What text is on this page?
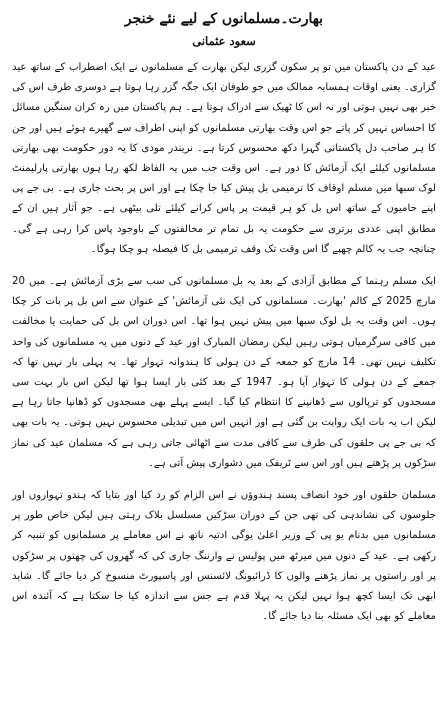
بھارت۔مسلمانوں کے لیے نئے خنجر
سعود عثمانی

عید کے دن پاکستان میں تو پر سکون گزری لیکن بھارت کے مسلمانوں نے ایک اضطراب کے ساتھ عید گزاری۔ یعنی اوقات ہمسایہ ممالک میں جو طوفان ایک جگہ گزر رہا ہوتا ہے دوسری طرف اس کی خبر بھی نہیں ہوتی اور نہ اس کا ٹھیک سے ادراک ہوتا ہے۔ ہم پاکستان میں رہ کران سنگین مسائل کا احساس نہیں کر پاتے جو اس وقت بھارتی مسلمانوں کو اپنی اطراف سے گھیرے ہوئے ہیں اور جن کا ہر صاحب دل پاکستانی گہرا دکھ محسوس کرتا ہے۔ نریندر مودی کا یہ دور حکومت بھی بھارتی مسلمانوں کیلئے ایک آزمائش کا دور ہے۔ اس وقت جب میں یہ الفاظ لکھ رہا ہوں بھارتی پارلیمنٹ لوک سبھا میں مسلم اوقاف کا ترمیمی بل پیش کیا جا چکا ہے اور اس پر بحث جاری ہے۔ بی جے پی اپنے حامیوں کے ساتھ اس بل کو ہر قیمت پر پاس کرانے کیلئے تلی بیٹھی ہے۔ جو آثار ہیں ان کے مطابق اپنی عددی برتری سے حکومت یہ بل تمام تر مخالفتوں کے باوجود پاس کرا رہی ہے گی۔ چنانچہ جب یہ کالم چھپے گا اس وقت تک وقف ترمیمی بل کا فیصلہ ہو چکا ہوگا۔

ایک مسلم رہنما کے مطابق آزادی کے بعد یہ بل مسلمانوں کی سب سے بڑی آزمائش ہے۔ میں 20 مارچ 2025 کے کالم 'بھارت۔ مسلمانوں کی ایک نئی آزمائش' کے عنوان سے اس بل پر بات کر چکا ہوں۔ اس وقت یہ بل لوک سبھا میں پیش نہیں ہوا تھا۔ اس دوران اس بل کی حمایت یا مخالفت میں کافی سرگرمیاں ہوتی رہیں لیکن رمضان المبارک اور عید کے دنوں میں یہ مسلمانوں کی واحد تکلیف نہیں تھی۔ 14 مارچ کو جمعہ کے دن ہولی کا ہندوانہ تہوار تھا۔ یہ پہلی بار نہیں تھا کہ جمعے کے دن ہولی کا تہوار آیا ہو۔ 1947 کے بعد کئی بار ایسا ہوا تھا لیکن اس بار بہت سی مسجدوں کو ترپالوں سے ڈھانپنے کا انتظام کیا گیا۔ ایسے پہلے بھی مسجدوں کو ڈھانپا جاتا رہا ہے لیکن اب یہ بات ایک روایت بن گئی ہے اور انہیں اس میں تبدیلی محسوس نہیں ہوتی۔ یہ بات بھی کہ بی جے پی حلقوں کی طرف سے کافی مدت سے اٹھائی جاتی رہی ہے کہ مسلمان عید کی نماز سڑکوں پر پڑھتے ہیں اور اس سے ٹریفک میں دشواری پیش آتی ہے۔

مسلمان حلقوں اور خود انصاف پسند ہندوؤں نے اس الزام کو رد کیا اور بتایا کہ ہندو تہواروں اور جلوسوں کی نشاندہی کی تھی جن کے دوران سڑکیں مسلسل بلاک رہتی ہیں لیکن خاص طور پر مسلمانوں میں بدنام یو پی کے وزیر اعلیٰ یوگی ادتیہ ناتھ نے اس معاملے پر مسلمانوں کو تنبیہ کر رکھی ہے۔ عید کے دنوں میں میرٹھ میں پولیس نے وارننگ جاری کی کہ گھروں کی چھتوں پر سڑکوں پر اور راستوں پر نماز پڑھنے والوں کا ڈرائیونگ لائسنس اور پاسپورٹ منسوخ کر دیا جائے گا۔ شاید ابھی تک ایسا کچھ ہوا نہیں لیکن یہ پہلا قدم ہے جس سے اندازہ کیا جا سکتا ہے کہ آئندہ اس معاملے کو بھی ایک مسئلہ بنا دیا جائے گا۔
